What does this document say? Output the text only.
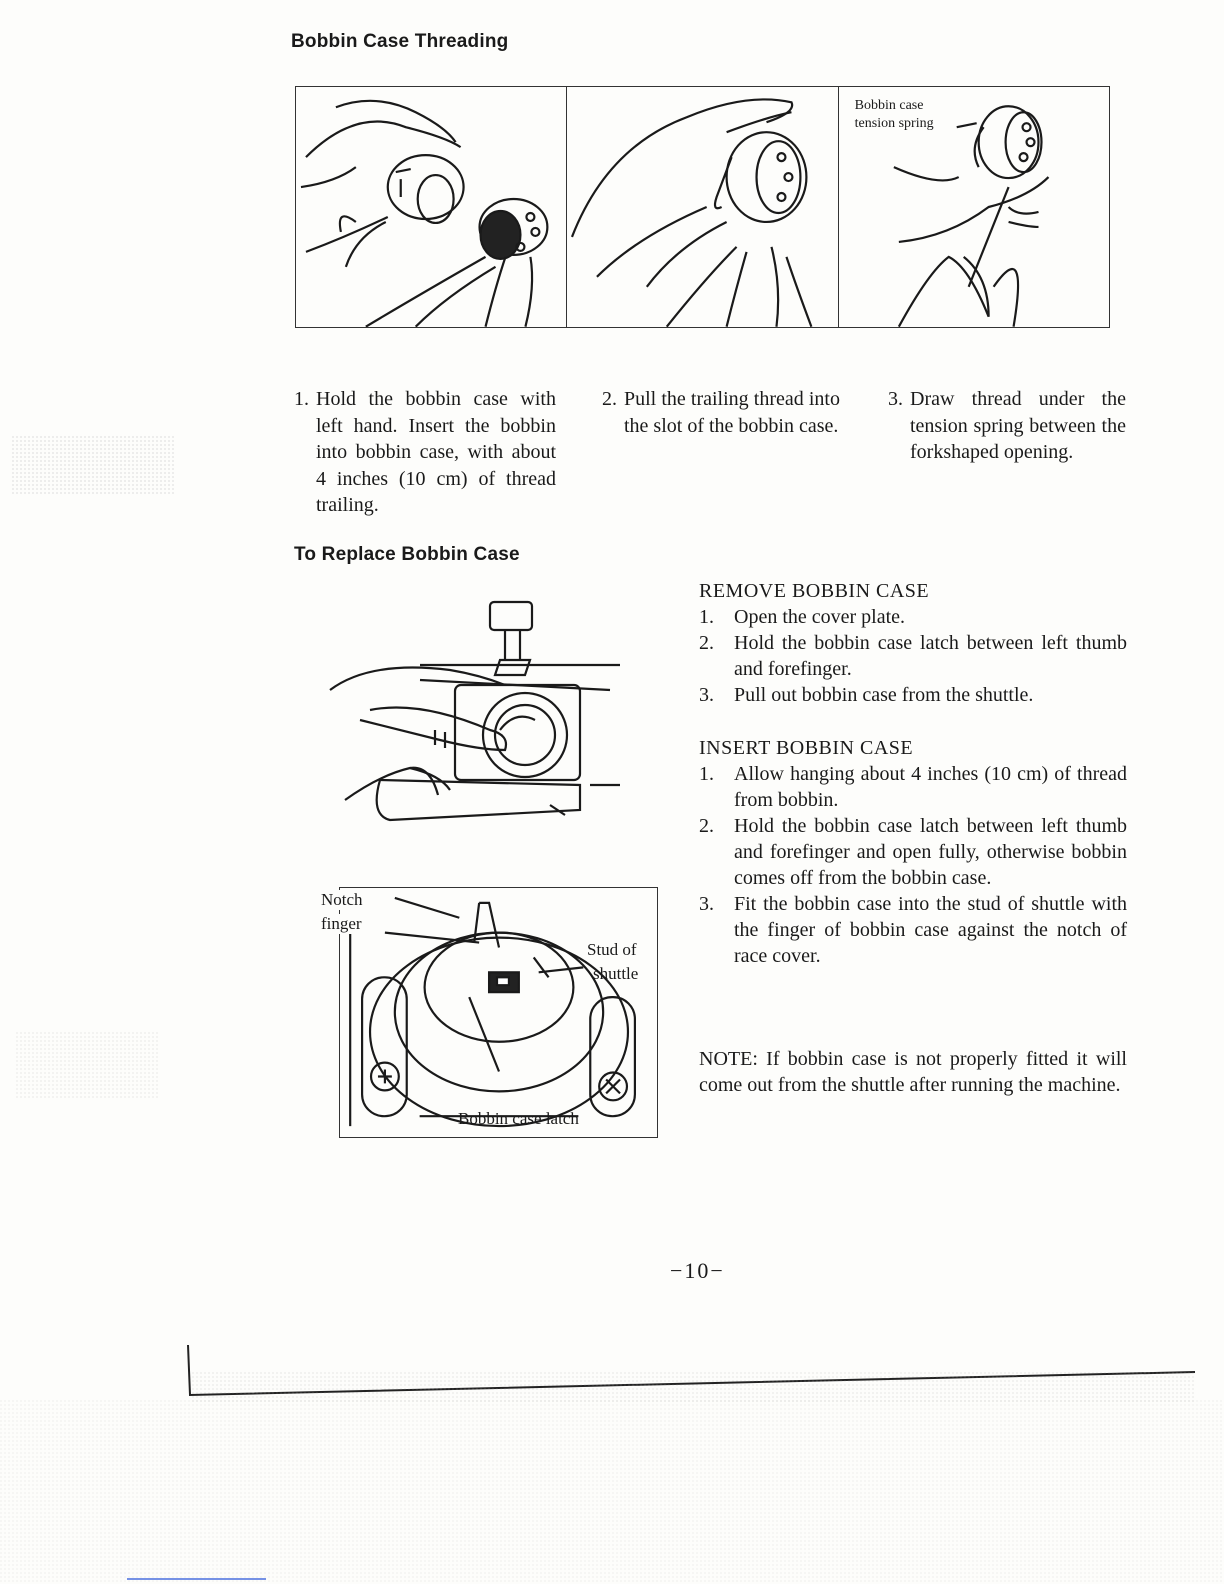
Bobbin Case Threading
Bobbin case
tension spring
1. Hold the bobbin case with left hand. Insert the bobbin into bobbin case, with about 4 inches (10 cm) of thread trailing.
2. Pull the trailing thread into the slot of the bobbin case.
3. Draw thread under the tension spring between the forkshaped opening.
To Replace Bobbin Case
Stud of
shuttle
Bobbin case latch
Notch
finger
REMOVE BOBBIN CASE
1. Open the cover plate.
2. Hold the bobbin case latch between left thumb and forefinger.
3. Pull out bobbin case from the shuttle.
INSERT BOBBIN CASE
1. Allow hanging about 4 inches (10 cm) of thread from bobbin.
2. Hold the bobbin case latch between left thumb and forefinger and open fully, otherwise bobbin comes off from the bobbin case.
3. Fit the bobbin case into the stud of shuttle with the finger of bobbin case against the notch of race cover.
NOTE: If bobbin case is not properly fitted it will come out from the shuttle after running the machine.
−10−
